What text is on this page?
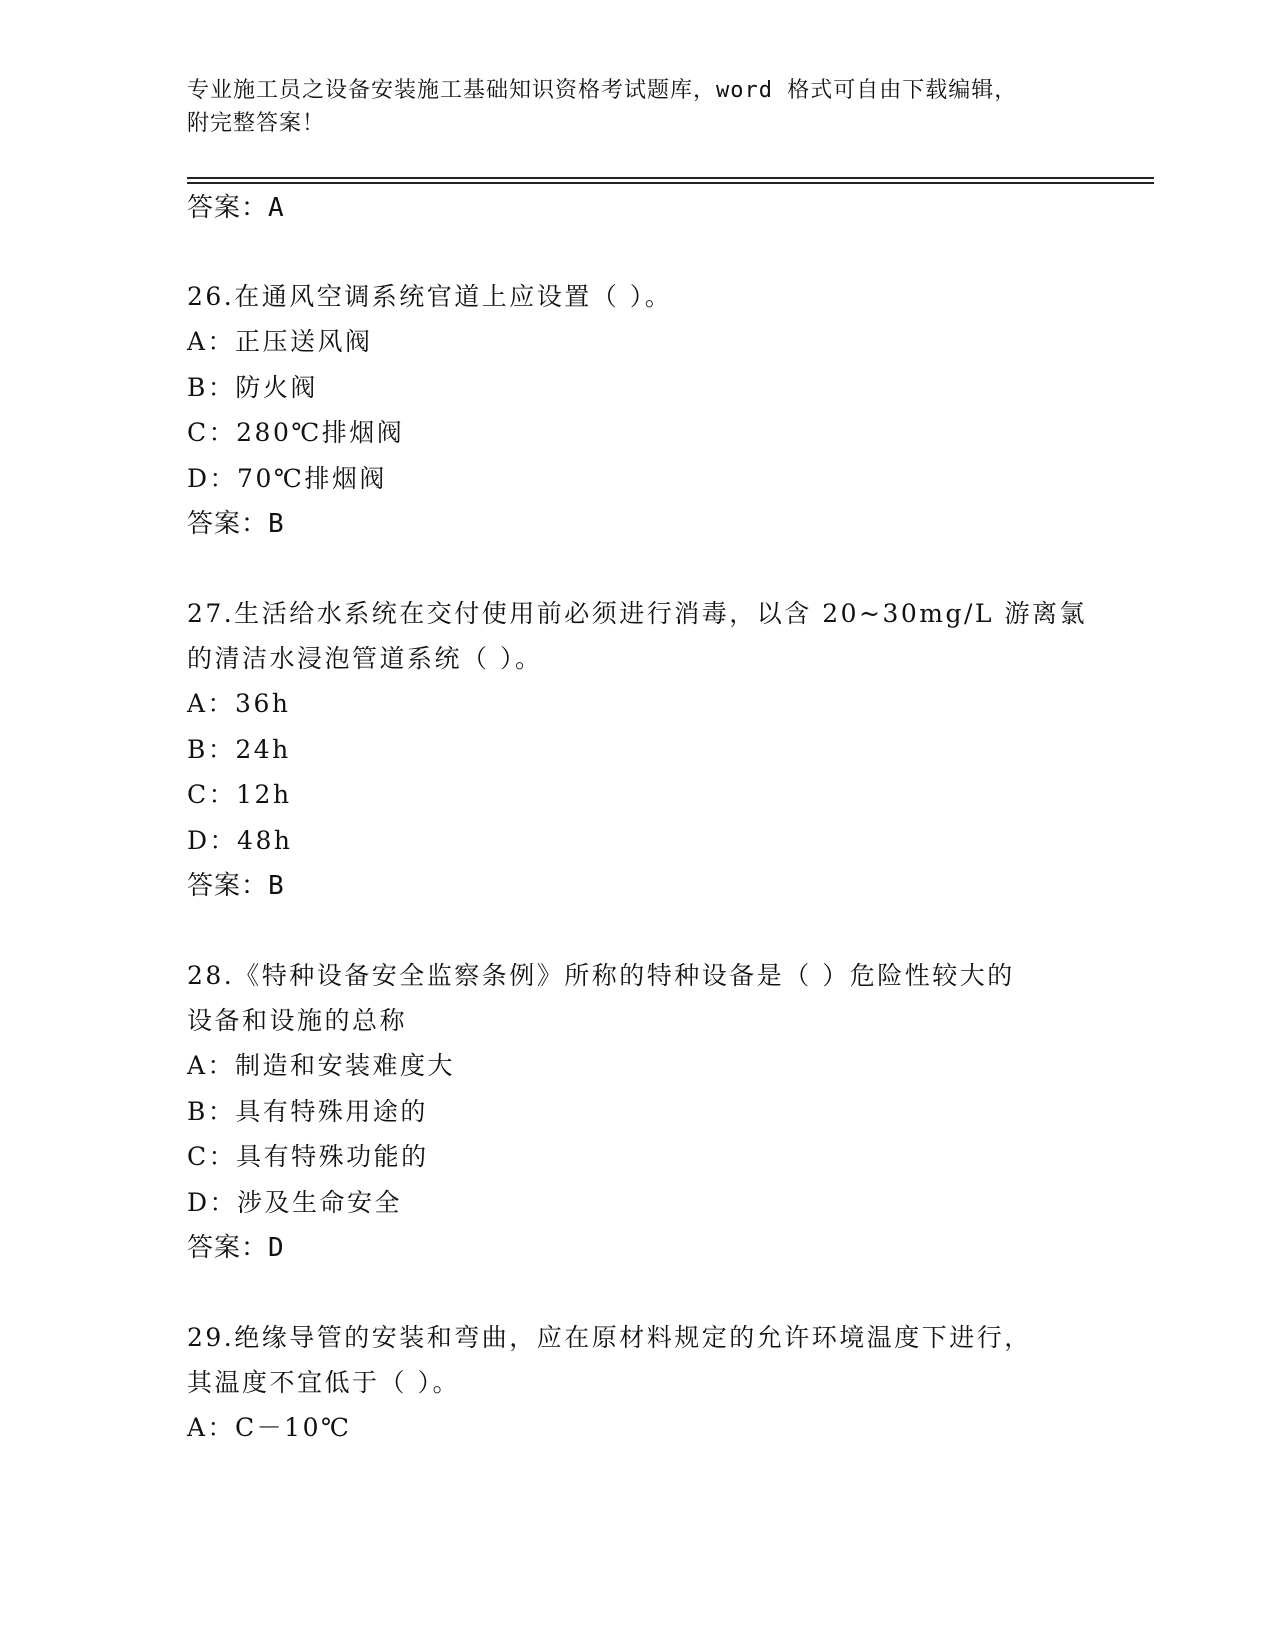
专业施工员之设备安装施工基础知识资格考试题库，word 格式可自由下载编辑，
附完整答案！
答案：A
26.在通风空调系统官道上应设置（ ）。
A：正压送风阀
B：防火阀
C：280℃排烟阀
D：70℃排烟阀
答案：B
27.生活给水系统在交付使用前必须进行消毒，以含 20~30mg/L 游离氯
的清洁水浸泡管道系统（ ）。
A：36h
B：24h
C：12h
D：48h
答案：B
28.《特种设备安全监察条例》所称的特种设备是（ ）危险性较大的
设备和设施的总称
A：制造和安装难度大
B：具有特殊用途的
C：具有特殊功能的
D：涉及生命安全
答案：D
29.绝缘导管的安装和弯曲，应在原材料规定的允许环境温度下进行，
其温度不宜低于（ ）。
A：C－10℃
